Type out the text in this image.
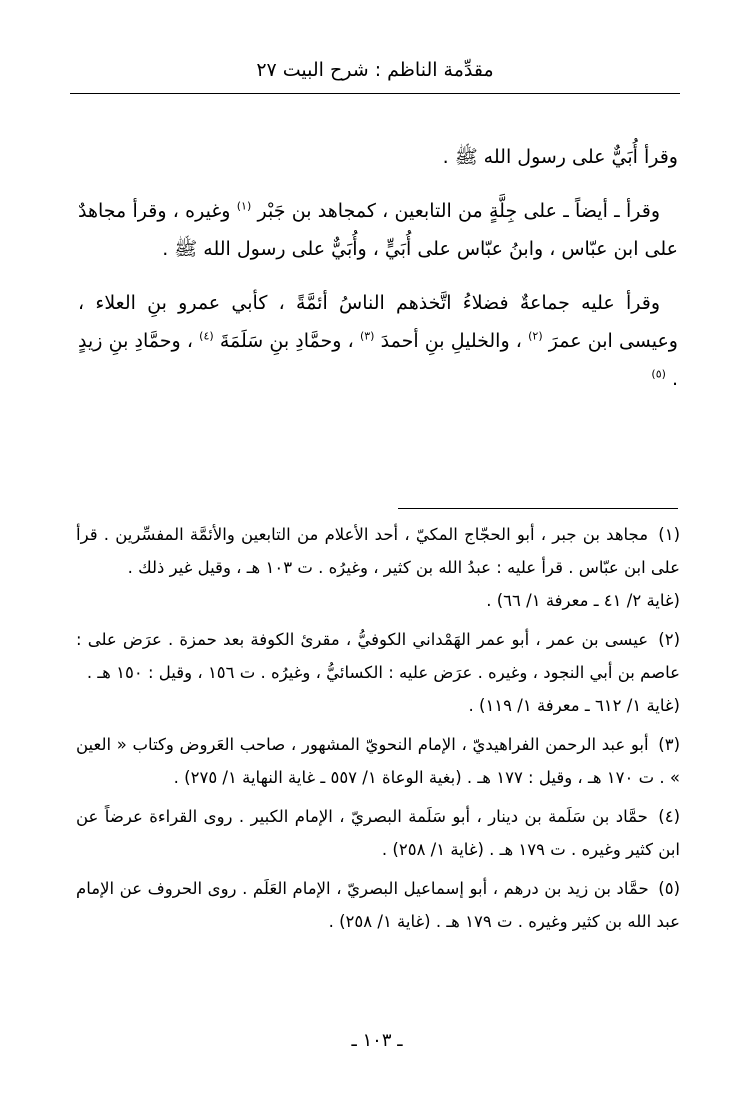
مقدِّمة الناظم : شرح البيت ٢٧

وقرأ أُبَيٌّ على رسول الله ﷺ .

وقرأ ـ أيضاً ـ على جِلَّةٍ من التابعين ، كمجاهد بن جَبْر $^{(١)}$ وغيره ، وقرأ مجاهدٌ على ابن عبّاس ، وابنُ عبّاس على أُبَيٍّ ، وأُبَيٌّ على رسول الله ﷺ .

وقرأ عليه جماعةٌ فضلاءُ اتَّخذهم الناسُ أئمَّةً ، كأبي عمرو بنِ العلاء ، وعيسى ابن عمرَ $^{(٢)}$ ، والخليلِ بنِ أحمدَ $^{(٣)}$ ، وحمَّادِ بنِ سَلَمَةَ $^{(٤)}$ ، وحمَّادِ بنِ زيدٍ . $^{(٥)}$

(١) مجاهد بن جبر ، أبو الحجّاج المكيّ ، أحد الأعلام من التابعين والأئمَّة المفسِّرين . قرأ على ابن عبّاس . قرأ عليه : عبدُ الله بن كثير ، وغيرُه . ت ١٠٣ هـ ، وقيل غير ذلك .
(غاية ٢/ ٤١ ـ معرفة ١/ ٦٦) .
(٢) عيسى بن عمر ، أبو عمر الهَمْداني الكوفيُّ ، مقرئ الكوفة بعد حمزة . عرَض على : عاصم بن أبي النجود ، وغيره . عرَض عليه : الكسائيُّ ، وغيرُه . ت ١٥٦ ، وقيل : ١٥٠ هـ .
(غاية ١/ ٦١٢ ـ معرفة ١/ ١١٩) .
(٣) أبو عبد الرحمن الفراهيديّ ، الإمام النحويّ المشهور ، صاحب العَروض وكتاب « العين » . ت ١٧٠ هـ ، وقيل : ١٧٧ هـ . (بغية الوعاة ١/ ٥٥٧ ـ غاية النهاية ١/ ٢٧٥) .
(٤) حمَّاد بن سَلَمة بن دينار ، أبو سَلَمة البصريّ ، الإمام الكبير . روى القراءة عرضاً عن ابن كثير وغيره . ت ١٧٩ هـ . (غاية ١/ ٢٥٨) .
(٥) حمَّاد بن زيد بن درهم ، أبو إسماعيل البصريّ ، الإمام العَلَم . روى الحروف عن الإمام عبد الله بن كثير وغيره . ت ١٧٩ هـ . (غاية ١/ ٢٥٨) .
ـ ١٠٣ ـ
